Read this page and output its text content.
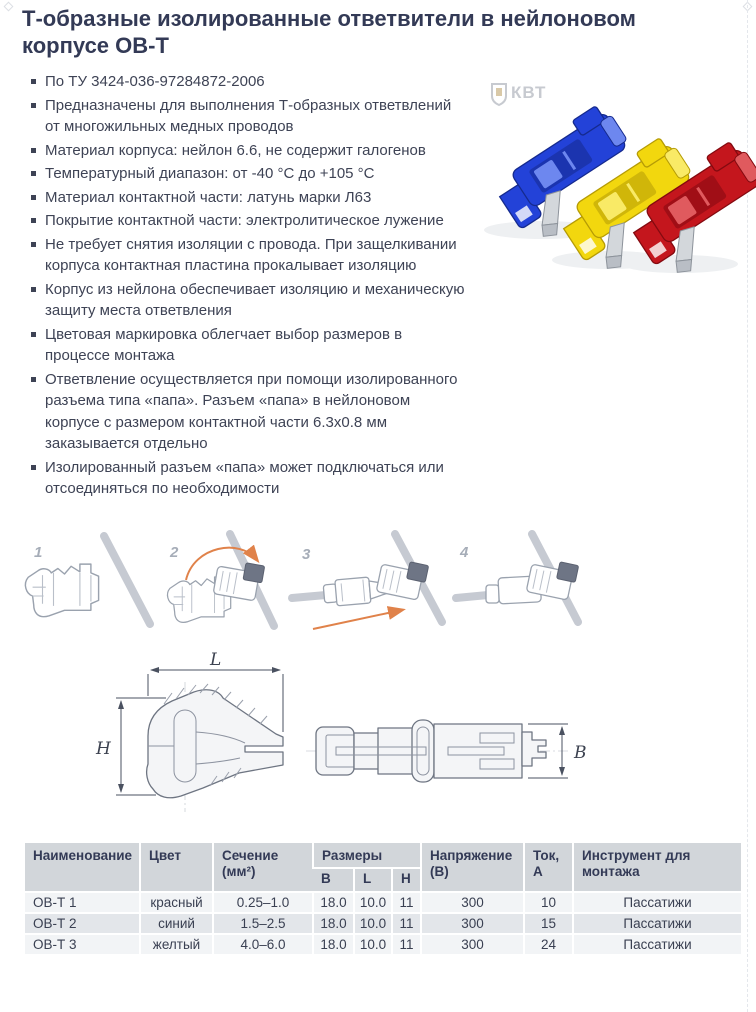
Т-образные изолированные ответвители в нейлоновом корпусе ОВ-Т
По ТУ 3424-036-97284872-2006
Предназначены для выполнения Т-образных ответвлений от многожильных медных проводов
Материал корпуса: нейлон 6.6, не содержит галогенов
Температурный диапазон: от -40 °С до +105 °С
Материал контактной части: латунь марки Л63
Покрытие контактной части: электролитическое лужение
Не требует снятия изоляции с провода. При защелкивании корпуса контактная пластина прокалывает изоляцию
Корпус из нейлона обеспечивает изоляцию и механическую защиту места ответвления
Цветовая маркировка облегчает выбор размеров в процессе монтажа
Ответвление осуществляется при помощи изолированного разъема типа «папа». Разъем «папа» в нейлоновом корпусе с размером контактной части 6.3х0.8 мм заказывается отдельно
Изолированный разъем «папа» может подключаться или отсоединяться по необходимости
КВТ
1	2	3	4
L
H	B
Наименование	Цвет	Сечение (мм²)	Размеры			Напряжение (В)	Ток, А	Инструмент для монтажа
			B	L	H			
ОВ-Т 1	красный	0.25–1.0	18.0	10.0	11	300	10	Пассатижи
ОВ-Т 2	синий	1.5–2.5	18.0	10.0	11	300	15	Пассатижи
ОВ-Т 3	желтый	4.0–6.0	18.0	10.0	11	300	24	Пассатижи
